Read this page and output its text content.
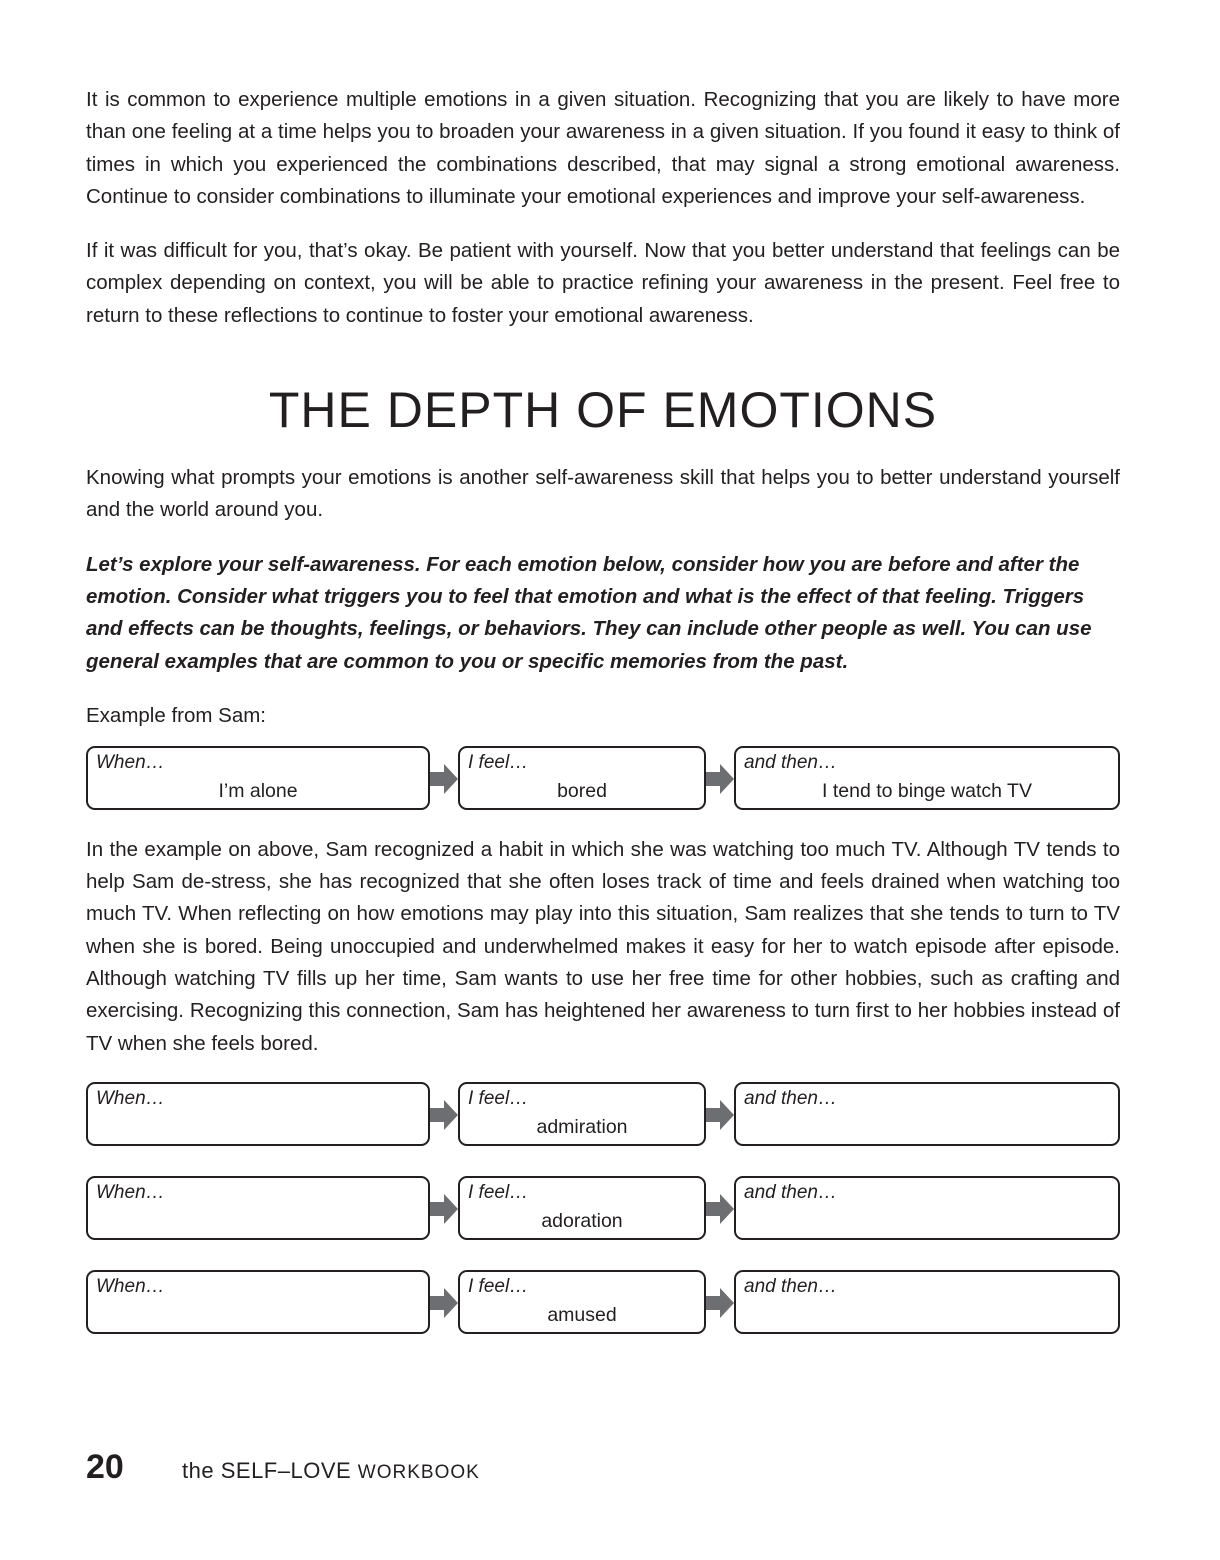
It is common to experience multiple emotions in a given situation. Recognizing that you are likely to have more than one feeling at a time helps you to broaden your awareness in a given situation. If you found it easy to think of times in which you experienced the combinations described, that may signal a strong emotional awareness. Continue to consider combinations to illuminate your emotional experiences and improve your self-awareness.

If it was difficult for you, that’s okay. Be patient with yourself. Now that you better understand that feelings can be complex depending on context, you will be able to practice refining your awareness in the present. Feel free to return to these reflections to continue to foster your emotional awareness.

THE DEPTH OF EMOTIONS

Knowing what prompts your emotions is another self-awareness skill that helps you to better understand yourself and the world around you.

Let’s explore your self-awareness. For each emotion below, consider how you are before and after the emotion. Consider what triggers you to feel that emotion and what is the effect of that feeling. Triggers and effects can be thoughts, feelings, or behaviors. They can include other people as well. You can use general examples that are common to you or specific memories from the past.

Example from Sam:

When…
I’m alone
I feel…
bored
and then…
I tend to binge watch TV

In the example on above, Sam recognized a habit in which she was watching too much TV. Although TV tends to help Sam de-stress, she has recognized that she often loses track of time and feels drained when watching too much TV. When reflecting on how emotions may play into this situation, Sam realizes that she tends to turn to TV when she is bored. Being unoccupied and underwhelmed makes it easy for her to watch episode after episode. Although watching TV fills up her time, Sam wants to use her free time for other hobbies, such as crafting and exercising. Recognizing this connection, Sam has heightened her awareness to turn first to her hobbies instead of TV when she feels bored.

When…	I feel…
admiration
and then…
When…	I feel…
adoration
and then…
When…	I feel…
amused
and then…
20	the SELF–LOVE WORKBOOK
